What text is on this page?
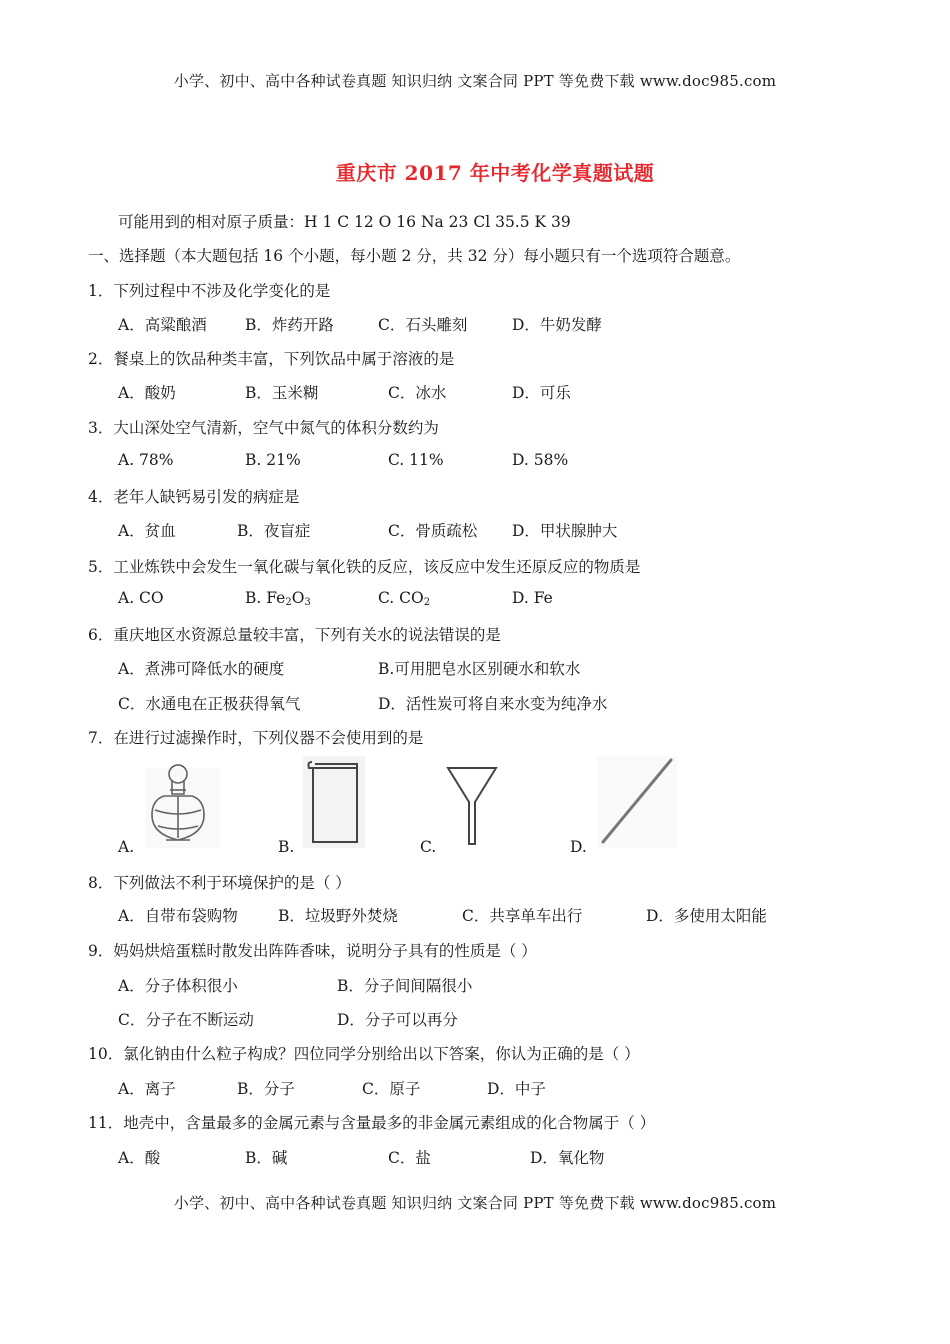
小学、初中、高中各种试卷真题 知识归纳 文案合同 PPT 等免费下载 www.doc985.com
重庆市 2017 年中考化学真题试题
可能用到的相对原子质量：H 1 C 12 O 16 Na 23 Cl 35.5 K 39
一、选择题（本大题包括 16 个小题，每小题 2 分，共 32 分）每小题只有一个选项符合题意。
1．下列过程中不涉及化学变化的是
A．高粱酿酒 B．炸药开路	C．石头雕刻	D．牛奶发酵
2．餐桌上的饮品种类丰富，下列饮品中属于溶液的是
A．酸奶	B．玉米糊	C．冰水	D．可乐
3．大山深处空气清新，空气中氮气的体积分数约为
A. 78%	B. 21%	C. 11%	D. 58%
4．老年人缺钙易引发的病症是
A．贫血	B．夜盲症	C．骨质疏松 D．甲状腺肿大
5．工业炼铁中会发生一氧化碳与氧化铁的反应，该反应中发生还原反应的物质是
A. CO	B. $Fe_2O_3$	C. $CO_2$	D. Fe
6．重庆地区水资源总量较丰富，下列有关水的说法错误的是
A．煮沸可降低水的硬度	B.可用肥皂水区别硬水和软水
C．水通电在正极获得氧气	D．活性炭可将自来水变为纯净水
7．在进行过滤操作时，下列仪器不会使用到的是
A.	B.	C.	D.
8．下列做法不利于环境保护的是（ ）
A．自带布袋购物	B．垃圾野外焚烧	C．共享单车出行	D．多使用太阳能
9．妈妈烘焙蛋糕时散发出阵阵香味，说明分子具有的性质是（ ）
A．分子体积很小	B．分子间间隔很小
C．分子在不断运动	D．分子可以再分
10．氯化钠由什么粒子构成？四位同学分别给出以下答案，你认为正确的是（ ）
A．离子	B．分子	C．原子	D．中子
11．地壳中，含量最多的金属元素与含量最多的非金属元素组成的化合物属于（ ）
A．酸	B．碱	C．盐	D．氧化物
小学、初中、高中各种试卷真题 知识归纳 文案合同 PPT 等免费下载 www.doc985.com
